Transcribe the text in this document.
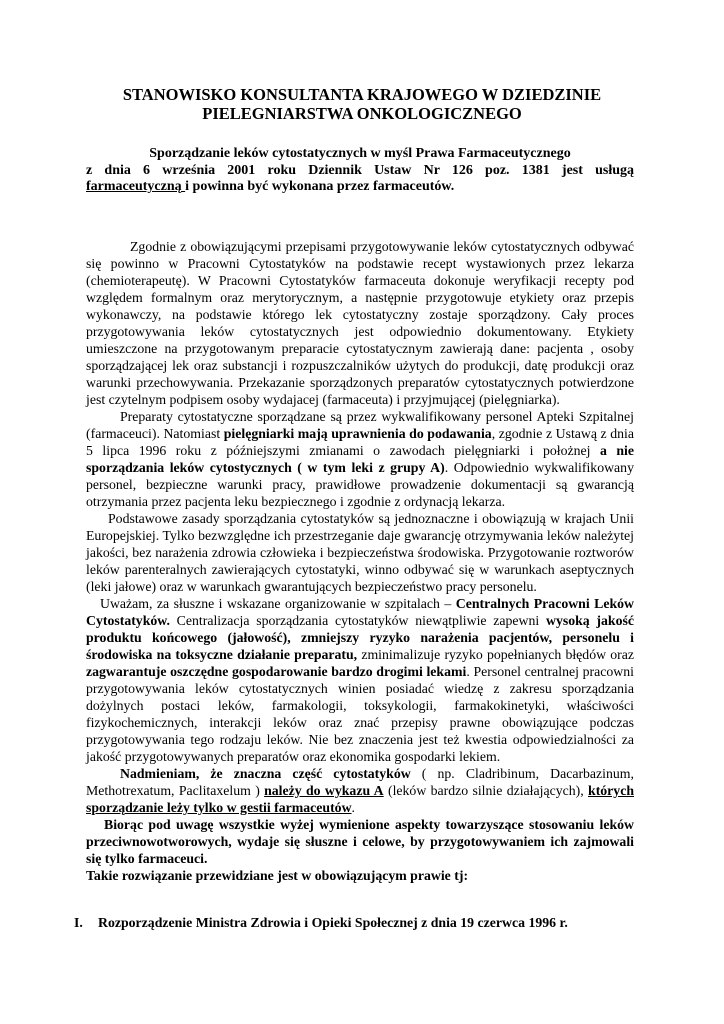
STANOWISKO KONSULTANTA KRAJOWEGO W DZIEDZINIE
PIELEGNIARSTWA ONKOLOGICZNEGO
Sporządzanie leków cytostatycznych w myśl Prawa Farmaceutycznego
z dnia 6 września 2001 roku Dziennik Ustaw Nr 126 poz. 1381 jest usługą
farmaceutyczną i powinna być wykonana przez farmaceutów.

Zgodnie z obowiązującymi przepisami przygotowywanie leków cytostatycznych odbywać się powinno w Pracowni Cytostatyków na podstawie recept wystawionych przez lekarza (chemioterapeutę). W Pracowni Cytostatyków farmaceuta dokonuje weryfikacji recepty pod względem formalnym oraz merytorycznym, a następnie przygotowuje etykiety oraz przepis wykonawczy, na podstawie którego lek cytostatyczny zostaje sporządzony. Cały proces przygotowywania leków cytostatycznych jest odpowiednio dokumentowany. Etykiety umieszczone na przygotowanym preparacie cytostatycznym zawierają dane: pacjenta , osoby sporządzającej lek oraz substancji i rozpuszczalników użytych do produkcji, datę produkcji oraz warunki przechowywania. Przekazanie sporządzonych preparatów cytostatycznych potwierdzone jest czytelnym podpisem osoby wydajacej (farmaceuta) i przyjmującej (pielęgniarka).

Preparaty cytostatyczne sporządzane są przez wykwalifikowany personel Apteki Szpitalnej (farmaceuci). Natomiast pielęgniarki mają uprawnienia do podawania, zgodnie z Ustawą z dnia 5 lipca 1996 roku z późniejszymi zmianami o zawodach pielęgniarki i położnej a nie sporządzania leków cytostycznych ( w tym leki z grupy A). Odpowiednio wykwalifikowany personel, bezpieczne warunki pracy, prawidłowe prowadzenie dokumentacji są gwarancją otrzymania przez pacjenta leku bezpiecznego i zgodnie z ordynacją lekarza.

Podstawowe zasady sporządzania cytostatyków są jednoznaczne i obowiązują w krajach Unii Europejskiej. Tylko bezwzględne ich przestrzeganie daje gwarancję otrzymywania leków należytej jakości, bez narażenia zdrowia człowieka i bezpieczeństwa środowiska. Przygotowanie roztworów leków parenteralnych zawierających cytostatyki, winno odbywać się w warunkach aseptycznych (leki jałowe) oraz w warunkach gwarantujących bezpieczeństwo pracy personelu.

Uważam, za słuszne i wskazane organizowanie w szpitalach – Centralnych Pracowni Leków Cytostatyków. Centralizacja sporządzania cytostatyków niewątpliwie zapewni wysoką jakość produktu końcowego (jałowość), zmniejszy ryzyko narażenia pacjentów, personelu i środowiska na toksyczne działanie preparatu, zminimalizuje ryzyko popełnianych błędów oraz zagwarantuje oszczędne gospodarowanie bardzo drogimi lekami. Personel centralnej pracowni przygotowywania leków cytostatycznych winien posiadać wiedzę z zakresu sporządzania dożylnych postaci leków, farmakologii, toksykologii, farmakokinetyki, właściwości fizykochemicznych, interakcji leków oraz znać przepisy prawne obowiązujące podczas przygotowywania tego rodzaju leków. Nie bez znaczenia jest też kwestia odpowiedzialności za jakość przygotowywanych preparatów oraz ekonomika gospodarki lekiem.

Nadmieniam, że znaczna część cytostatyków ( np. Cladribinum, Dacarbazinum, Methotrexatum, Paclitaxelum ) należy do wykazu A (leków bardzo silnie działających), których sporządzanie leży tylko w gestii farmaceutów.

Biorąc pod uwagę wszystkie wyżej wymienione aspekty towarzyszące stosowaniu leków przeciwnowotworowych, wydaje się słuszne i celowe, by przygotowywaniem ich zajmowali się tylko farmaceuci.

Takie rozwiązanie przewidziane jest w obowiązującym prawie tj:

I. Rozporządzenie Ministra Zdrowia i Opieki Społecznej z dnia 19 czerwca 1996 r.
